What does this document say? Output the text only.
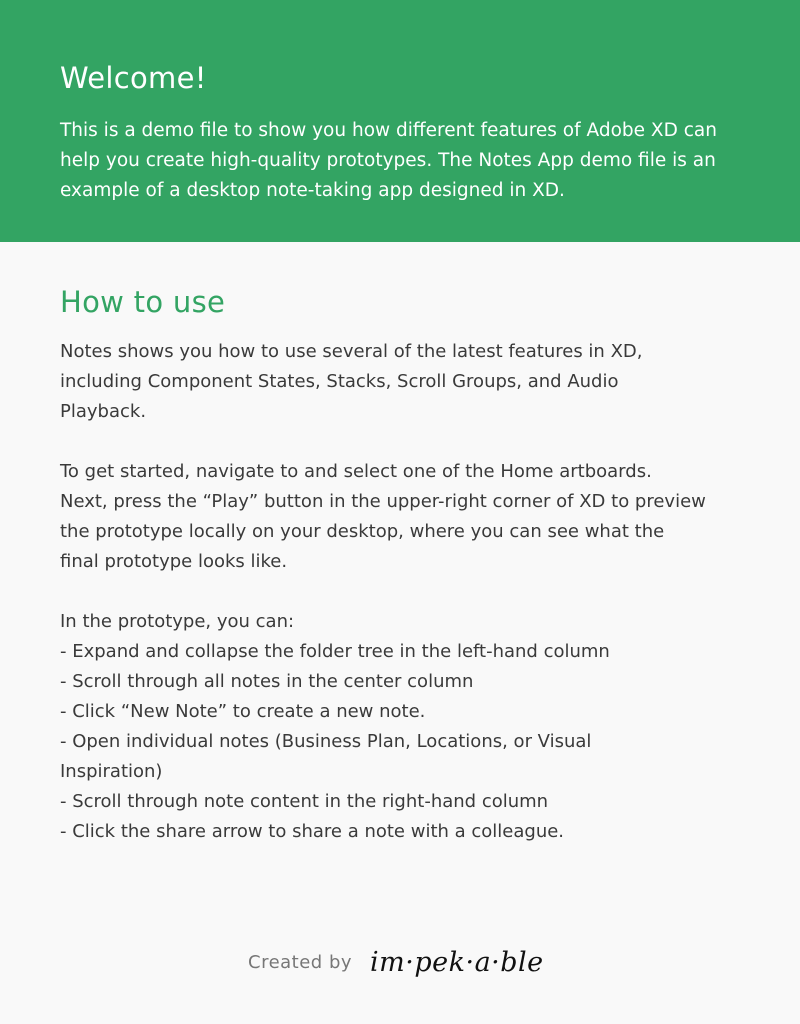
Welcome!
This is a demo file to show you how different features of Adobe XD can help you create high-quality prototypes. The Notes App demo file is an example of a desktop note-taking app designed in XD.
How to use

Notes shows you how to use several of the latest features in XD,
including Component States, Stacks, Scroll Groups, and Audio
Playback.

To get started, navigate to and select one of the Home artboards.
Next, press the “Play” button in the upper-right corner of XD to preview
the prototype locally on your desktop, where you can see what the
final prototype looks like.

In the prototype, you can:
- Expand and collapse the folder tree in the left-hand column
- Scroll through all notes in the center column
- Click “New Note” to create a new note.
- Open individual notes (Business Plan, Locations, or Visual
Inspiration)
- Scroll through note content in the right-hand column
- Click the share arrow to share a note with a colleague.

Created by im·pek·a·ble
